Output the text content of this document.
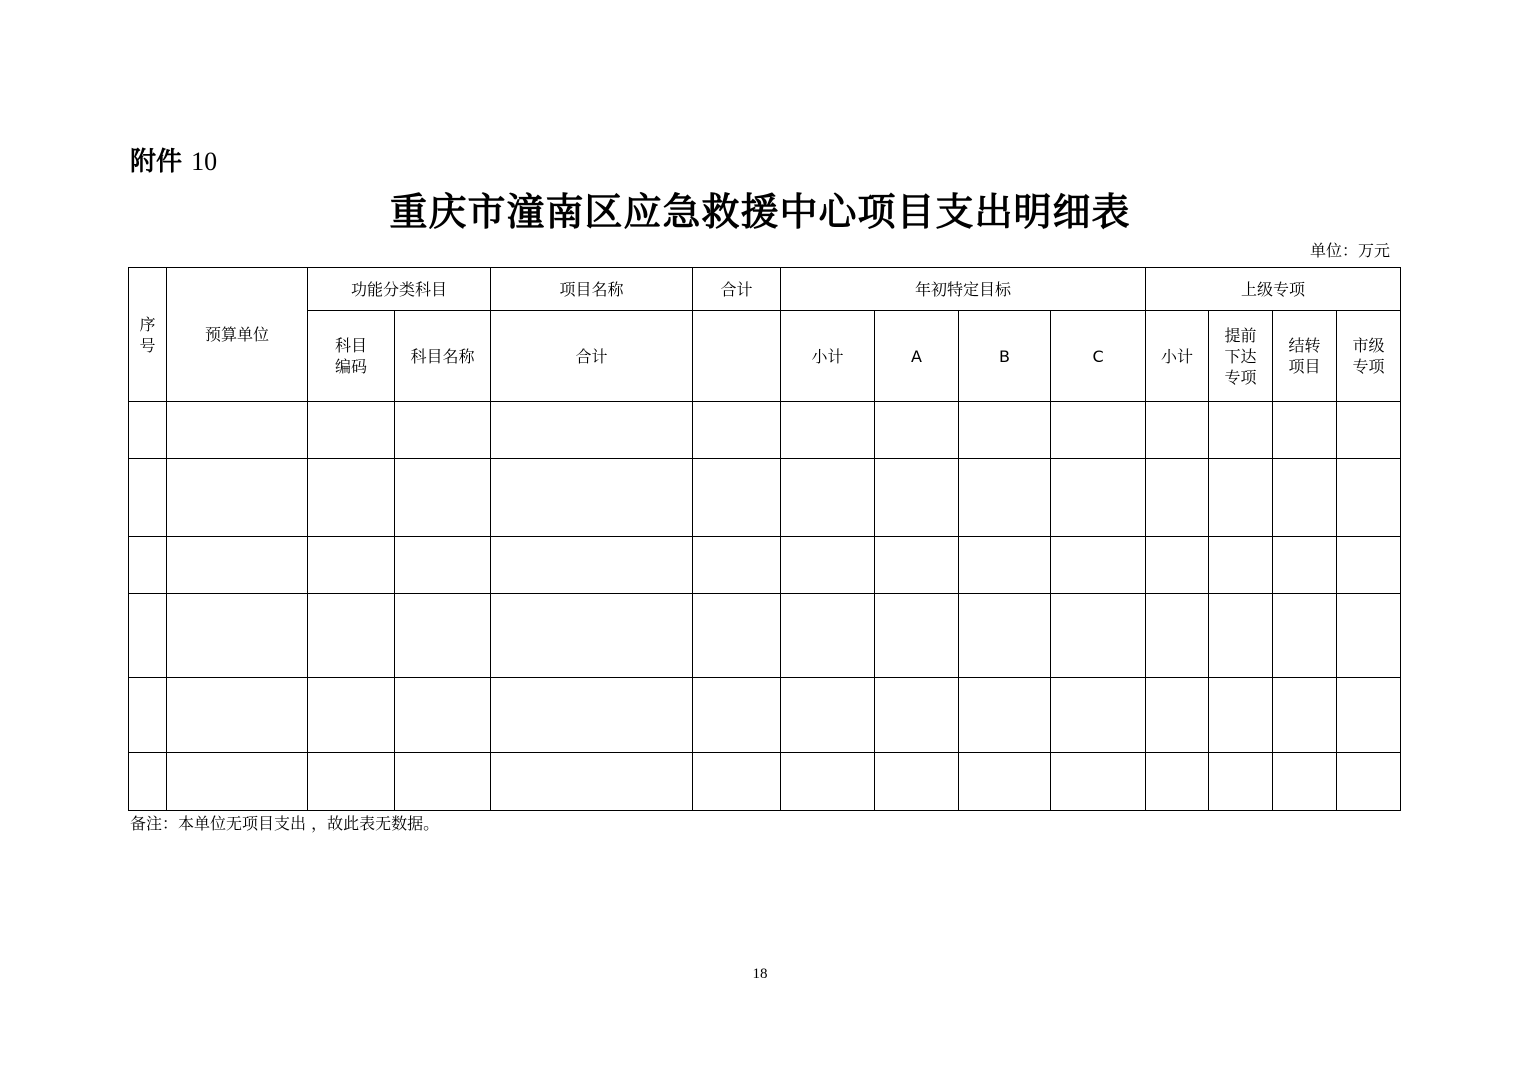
附件 10
重庆市潼南区应急救援中心项目支出明细表
单位：万元
序号	预算单位	功能分类科目		项目名称	合计	年初特定目标				上级专项			

		科目编码	科目名称	合计		小计	A	B	C	小计	提前下达专项	结转项目	市级专项

备注：本单位无项目支出 ，故此表无数据。
18
